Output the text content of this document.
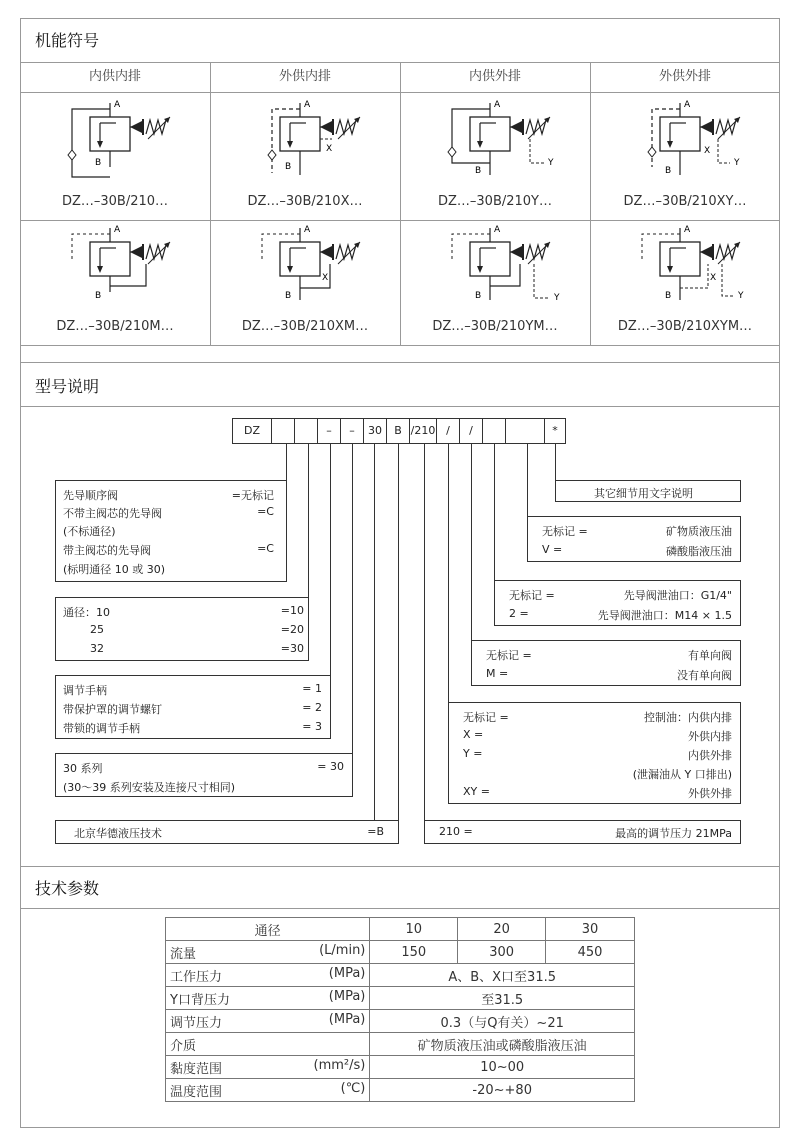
机能符号
内供内排	外供内排	内供外排	外供外排
A
B
A
B
X
A
B
Y
A
B
X
Y
A
B
A
B
X
A
B	Y
A
B
X
Y
DZ…–30B/210…	DZ…–30B/210X…	DZ…–30B/210Y…	DZ…–30B/210XY…
DZ…–30B/210M…	DZ…–30B/210XM…	DZ…–30B/210YM…	DZ…–30B/210XYM…
型号说明
DZ	–	–	30	B /210 /	/	*
先导顺序阀	=无标记
不带主阀芯的先导阀	=C
(不标通径)
带主阀芯的先导阀	=C
(标明通径 10 或 30)
通径：10	=10
25	=20
32	=30
调节手柄	= 1
带保护罩的调节螺钉	= 2
带锁的调节手柄	= 3
30 系列	= 30
(30～39 系列安装及连接尺寸相同)
北京华德液压技术	=B
其它细节用文字说明
无标记 =	矿物质液压油
V =	磷酸脂液压油
无标记 =	先导阀泄油口：G1/4"
2 =	先导阀泄油口：M14 × 1.5
无标记 =	有单向阀
M =	没有单向阀
无标记 =	控制油：内供内排
X =	外供内排
Y =	内供外排
(泄漏油从 Y 口排出)
XY =	外供外排
210 =	最高的调节压力 21MPa
技术参数
通径	10	20	30
流量 (L/min)	150	300	450
工作压力 (MPa)	A、B、X口至31.5		
Y口背压力 (MPa)	至31.5		
调节压力 (MPa)	0.3（与Q有关）~21		
介质	矿物质液压油或磷酸脂液压油		
黏度范围 (mm²/s)	10~00		
温度范围 (℃)	-20~+80		
